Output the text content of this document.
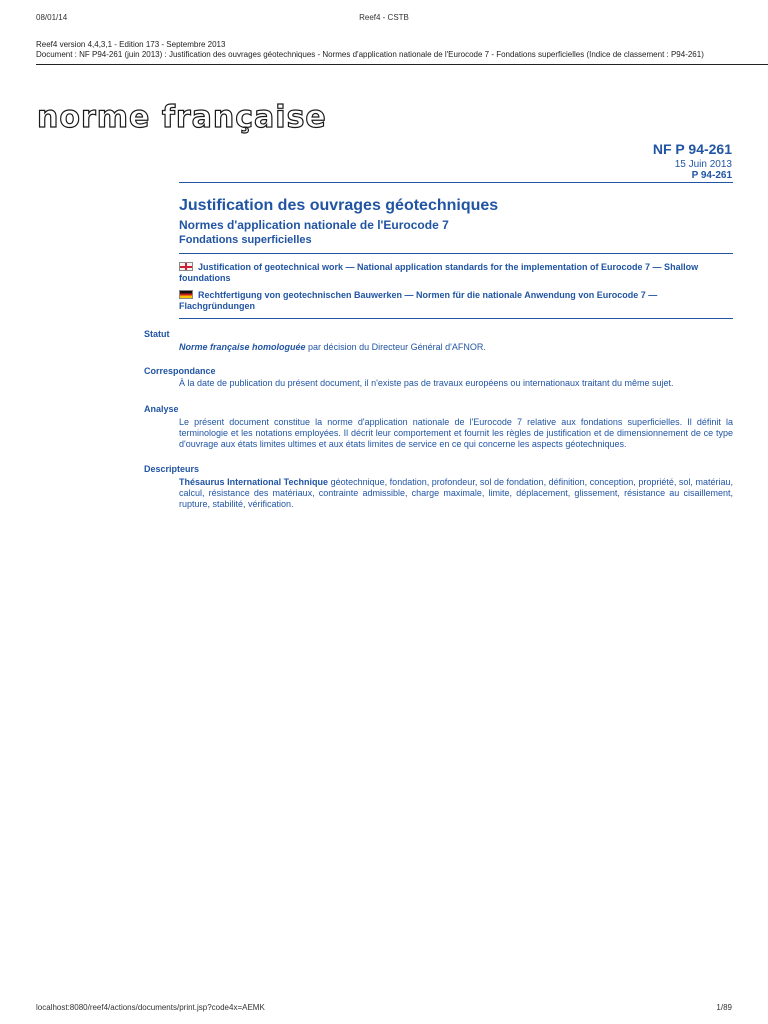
08/01/14	Reef4 - CSTB
Reef4 version 4,4,3,1 - Edition 173 - Septembre 2013
Document : NF P94-261 (juin 2013) : Justification des ouvrages géotechniques - Normes d'application nationale de l'Eurocode 7 - Fondations superficielles (Indice de classement : P94-261)
norme française
NF P 94-261
15 Juin 2013
P 94-261
Justification des ouvrages géotechniques
Normes d'application nationale de l'Eurocode 7
Fondations superficielles
Justification of geotechnical work — National application standards for the implementation of Eurocode 7 — Shallow foundations
Rechtfertigung von geotechnischen Bauwerken — Normen für die nationale Anwendung von Eurocode 7 — Flachgründungen
Statut
Norme française homologuée par décision du Directeur Général d'AFNOR.
Correspondance
À la date de publication du présent document, il n'existe pas de travaux européens ou internationaux traitant du même sujet.
Analyse
Le présent document constitue la norme d'application nationale de l'Eurocode 7 relative aux fondations superficielles. Il définit la terminologie et les notations employées. Il décrit leur comportement et fournit les règles de justification et de dimensionnement de ce type d'ouvrage aux états limites ultimes et aux états limites de service en ce qui concerne les aspects géotechniques.
Descripteurs
Thésaurus International Technique géotechnique, fondation, profondeur, sol de fondation, définition, conception, propriété, sol, matériau, calcul, résistance des matériaux, contrainte admissible, charge maximale, limite, déplacement, glissement, résistance au cisaillement, rupture, stabilité, vérification.
localhost:8080/reef4/actions/documents/print.jsp?code4x=AEMK	1/89
